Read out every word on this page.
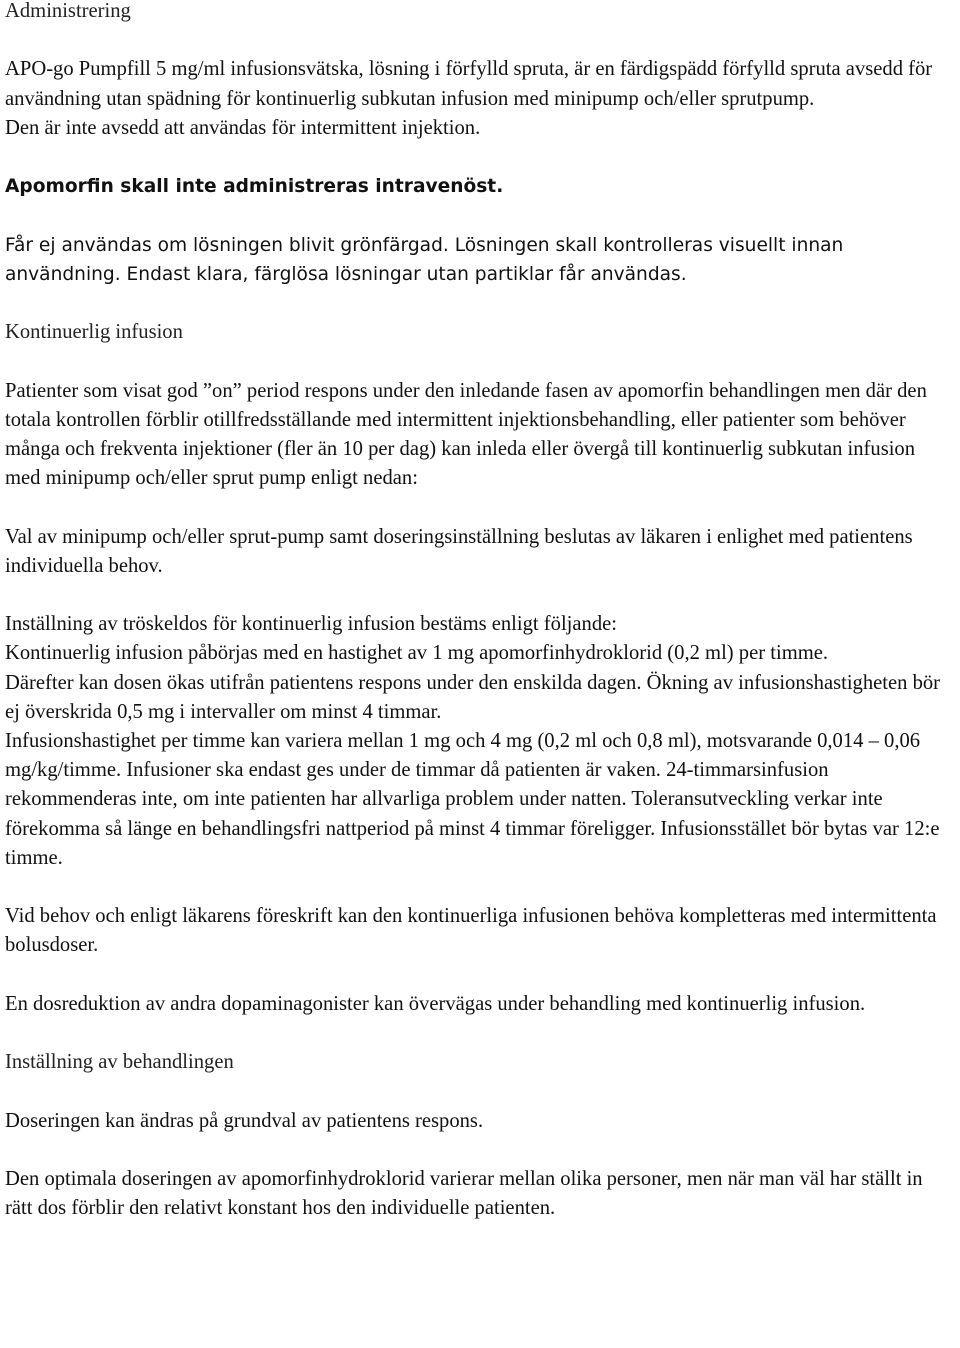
Administrering

APO-go Pumpfill 5 mg/ml infusionsvätska, lösning i förfylld spruta, är en färdigspädd förfylld spruta avsedd för användning utan spädning för kontinuerlig subkutan infusion med minipump och/eller sprutpump.

Den är inte avsedd att användas för intermittent injektion.

Apomorfin skall inte administreras intravenöst.

Får ej användas om lösningen blivit grönfärgad. Lösningen skall kontrolleras visuellt innan användning. Endast klara, färglösa lösningar utan partiklar får användas.

Kontinuerlig infusion

Patienter som visat god ”on” period respons under den inledande fasen av apomorfin behandlingen men där den totala kontrollen förblir otillfredsställande med intermittent injektionsbehandling, eller patienter som behöver många och frekventa injektioner (fler än 10 per dag) kan inleda eller övergå till kontinuerlig subkutan infusion med minipump och/eller sprut pump enligt nedan:

Val av minipump och/eller sprut-pump samt doseringsinställning beslutas av läkaren i enlighet med patientens individuella behov.

Inställning av tröskeldos för kontinuerlig infusion bestäms enligt följande:

Kontinuerlig infusion påbörjas med en hastighet av 1 mg apomorfinhydroklorid (0,2 ml) per timme.

Därefter kan dosen ökas utifrån patientens respons under den enskilda dagen. Ökning av infusionshastigheten bör ej överskrida 0,5 mg i intervaller om minst 4 timmar.

Infusionshastighet per timme kan variera mellan 1 mg och 4 mg (0,2 ml och 0,8 ml), motsvarande 0,014 – 0,06 mg/kg/timme. Infusioner ska endast ges under de timmar då patienten är vaken. 24-timmarsinfusion rekommenderas inte, om inte patienten har allvarliga problem under natten. Toleransutveckling verkar inte förekomma så länge en behandlingsfri nattperiod på minst 4 timmar föreligger. Infusionsstället bör bytas var 12:e timme.

Vid behov och enligt läkarens föreskrift kan den kontinuerliga infusionen behöva kompletteras med intermittenta bolusdoser.

En dosreduktion av andra dopaminagonister kan övervägas under behandling med kontinuerlig infusion.

Inställning av behandlingen

Doseringen kan ändras på grundval av patientens respons.

Den optimala doseringen av apomorfinhydroklorid varierar mellan olika personer, men när man väl har ställt in rätt dos förblir den relativt konstant hos den individuelle patienten.
